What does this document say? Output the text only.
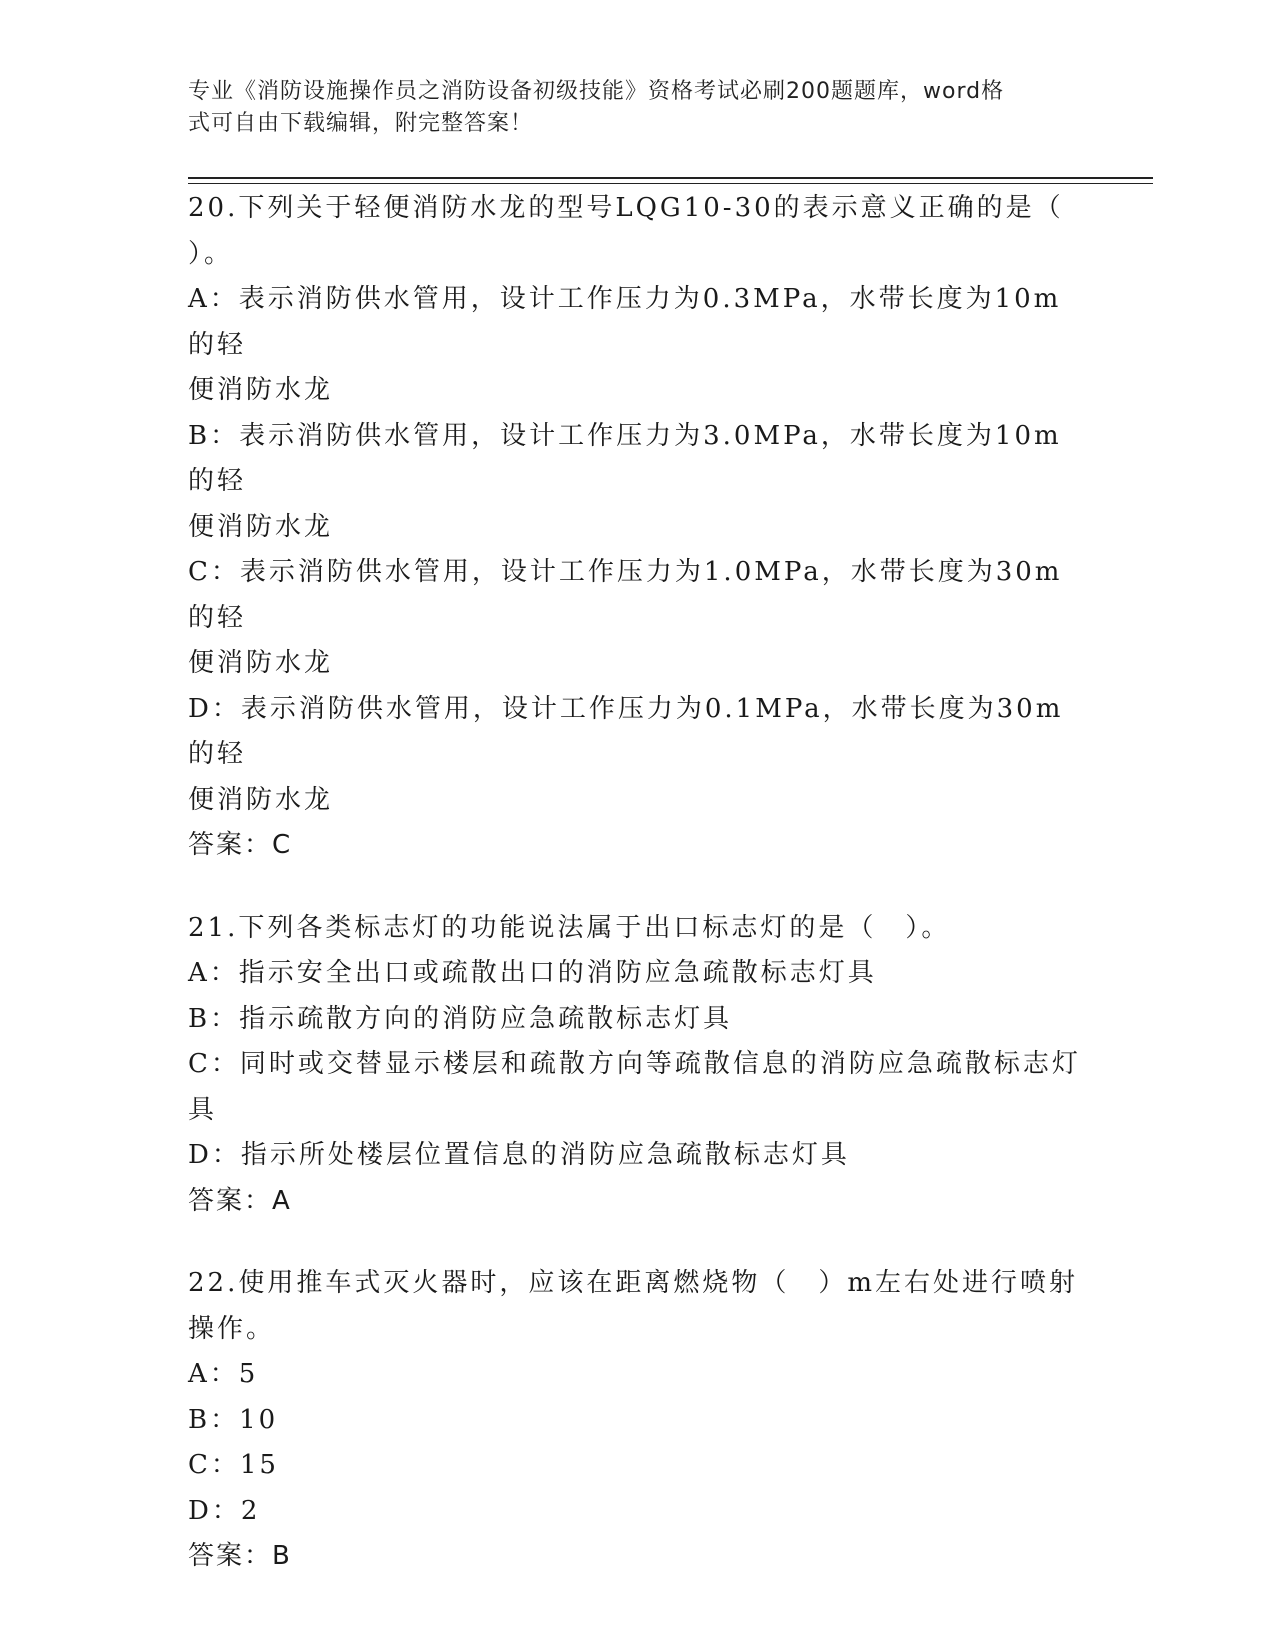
专业《消防设施操作员之消防设备初级技能》资格考试必刷200题题库，word格
式可自由下载编辑，附完整答案！
20.下列关于轻便消防水龙的型号LQG10-30的表示意义正确的是（
）。
A：表示消防供水管用，设计工作压力为0.3MPa，水带长度为10m的轻
便消防水龙
B：表示消防供水管用，设计工作压力为3.0MPa，水带长度为10m的轻
便消防水龙
C：表示消防供水管用，设计工作压力为1.0MPa，水带长度为30m的轻
便消防水龙
D：表示消防供水管用，设计工作压力为0.1MPa，水带长度为30m的轻
便消防水龙
答案：C
21.下列各类标志灯的功能说法属于出口标志灯的是（　）。
A：指示安全出口或疏散出口的消防应急疏散标志灯具
B：指示疏散方向的消防应急疏散标志灯具
C：同时或交替显示楼层和疏散方向等疏散信息的消防应急疏散标志灯
具
D：指示所处楼层位置信息的消防应急疏散标志灯具
答案：A
22.使用推车式灭火器时，应该在距离燃烧物（　）m左右处进行喷射
操作。
A：5
B：10
C：15
D：2
答案：B
